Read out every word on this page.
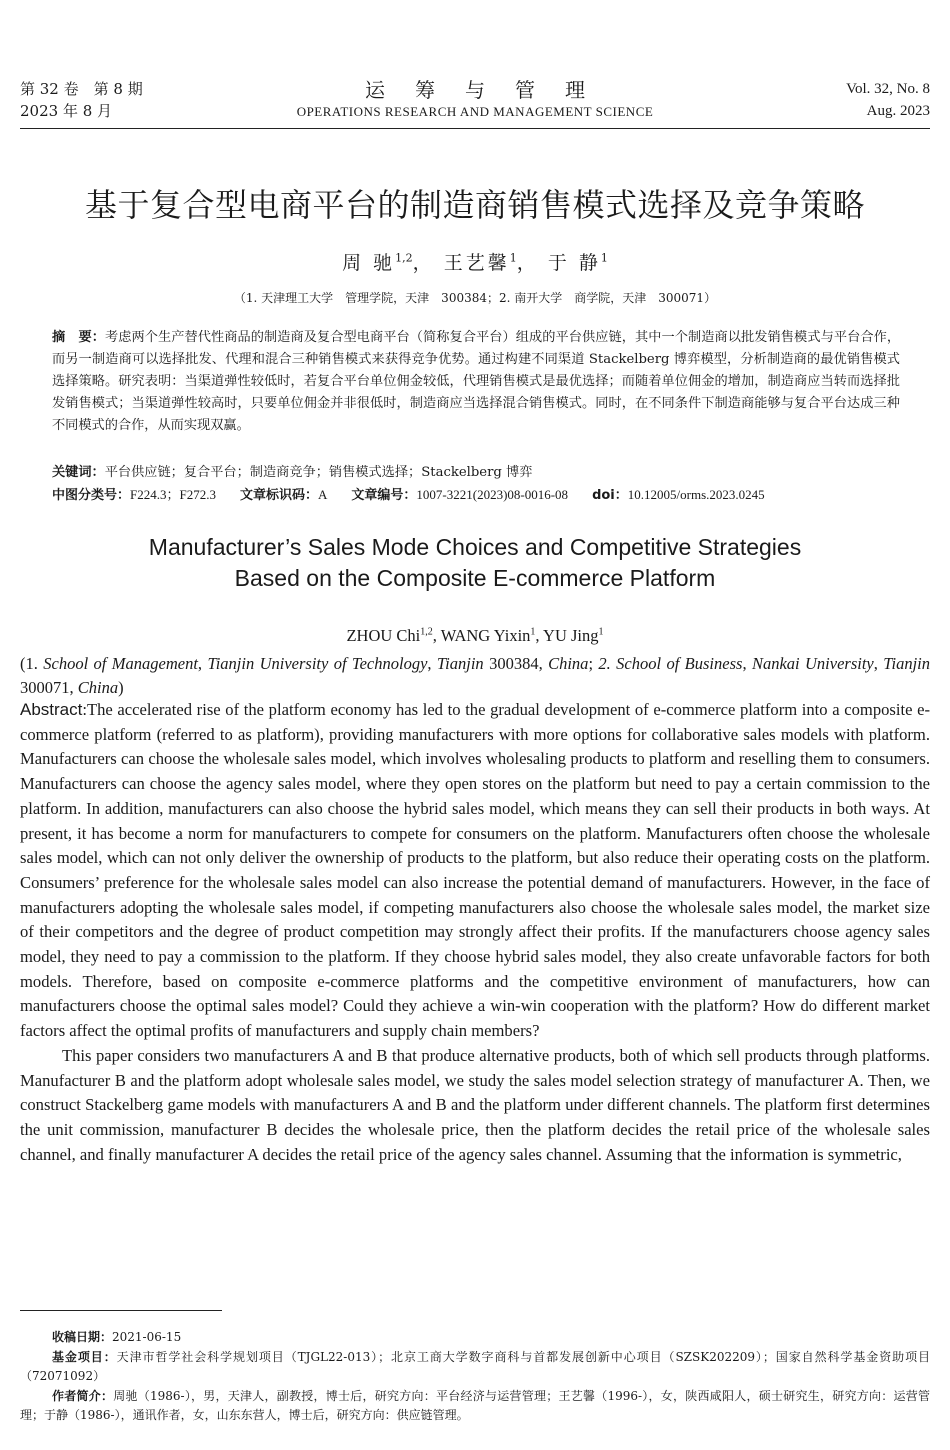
第 32 卷　第 8 期
2023 年 8 月
运筹与管理
OPERATIONS RESEARCH AND MANAGEMENT SCIENCE
Vol. 32, No. 8
Aug. 2023
基于复合型电商平台的制造商销售模式选择及竞争策略
周 驰$^{1,2}$， 王艺馨$^1$， 于 静$^1$
（1. 天津理工大学　管理学院，天津　300384；2. 南开大学　商学院，天津　300071）
摘　要：考虑两个生产替代性商品的制造商及复合型电商平台（简称复合平台）组成的平台供应链，其中一个制造商以批发销售模式与平台合作，而另一制造商可以选择批发、代理和混合三种销售模式来获得竞争优势。通过构建不同渠道 Stackelberg 博弈模型，分析制造商的最优销售模式选择策略。研究表明：当渠道弹性较低时，若复合平台单位佣金较低，代理销售模式是最优选择；而随着单位佣金的增加，制造商应当转而选择批发销售模式；当渠道弹性较高时，只要单位佣金并非很低时，制造商应当选择混合销售模式。同时，在不同条件下制造商能够与复合平台达成三种不同模式的合作，从而实现双赢。
关键词：平台供应链；复合平台；制造商竞争；销售模式选择；Stackelberg 博弈
中图分类号：F224.3；F272.3 文章标识码：A 文章编号：1007-3221(2023)08-0016-08 doi：10.12005/orms.2023.0245
Manufacturer’s Sales Mode Choices and Competitive Strategies
Based on the Composite E-commerce Platform
ZHOU Chi$^{1,2}$, WANG Yixin$^1$, YU Jing$^1$
(1. School of Management, Tianjin University of Technology, Tianjin 300384, China; 2. School of Business, Nankai University, Tianjin 300071, China)

Abstract:The accelerated rise of the platform economy has led to the gradual development of e-commerce platform into a composite e-commerce platform (referred to as platform), providing manufacturers with more options for collaborative sales models with platform. Manufacturers can choose the wholesale sales model, which involves wholesaling products to platform and reselling them to consumers. Manufacturers can choose the agency sales model, where they open stores on the platform but need to pay a certain commission to the platform. In addition, manufacturers can also choose the hybrid sales model, which means they can sell their products in both ways. At present, it has become a norm for manufacturers to compete for consumers on the platform. Manufacturers often choose the wholesale sales model, which can not only deliver the ownership of products to the platform, but also reduce their operating costs on the platform. Consumers’ preference for the wholesale sales model can also increase the potential demand of manufacturers. However, in the face of manufacturers adopting the wholesale sales model, if competing manufacturers also choose the wholesale sales model, the market size of their competitors and the degree of product competition may strongly affect their profits. If the manufacturers choose agency sales model, they need to pay a commission to the platform. If they choose hybrid sales model, they also create unfavorable factors for both models. Therefore, based on composite e-commerce platforms and the competitive environment of manufacturers, how can manufacturers choose the optimal sales model? Could they achieve a win-win cooperation with the platform? How do different market factors affect the optimal profits of manufacturers and supply chain members?

This paper considers two manufacturers A and B that produce alternative products, both of which sell products through platforms. Manufacturer B and the platform adopt wholesale sales model, we study the sales model selection strategy of manufacturer A. Then, we construct Stackelberg game models with manufacturers A and B and the platform under different channels. The platform first determines the unit commission, manufacturer B decides the wholesale price, then the platform decides the retail price of the wholesale sales channel, and finally manufacturer A decides the retail price of the agency sales channel. Assuming that the information is symmetric,

收稿日期：2021-06-15

基金项目：天津市哲学社会科学规划项目（TJGL22-013）；北京工商大学数字商科与首都发展创新中心项目（SZSK202209）；国家自然科学基金资助项目（72071092）

作者简介：周驰（1986-），男，天津人，副教授，博士后，研究方向：平台经济与运营管理；王艺馨（1996-），女，陕西咸阳人，硕士研究生，研究方向：运营管理；于静（1986-），通讯作者，女，山东东营人，博士后，研究方向：供应链管理。
